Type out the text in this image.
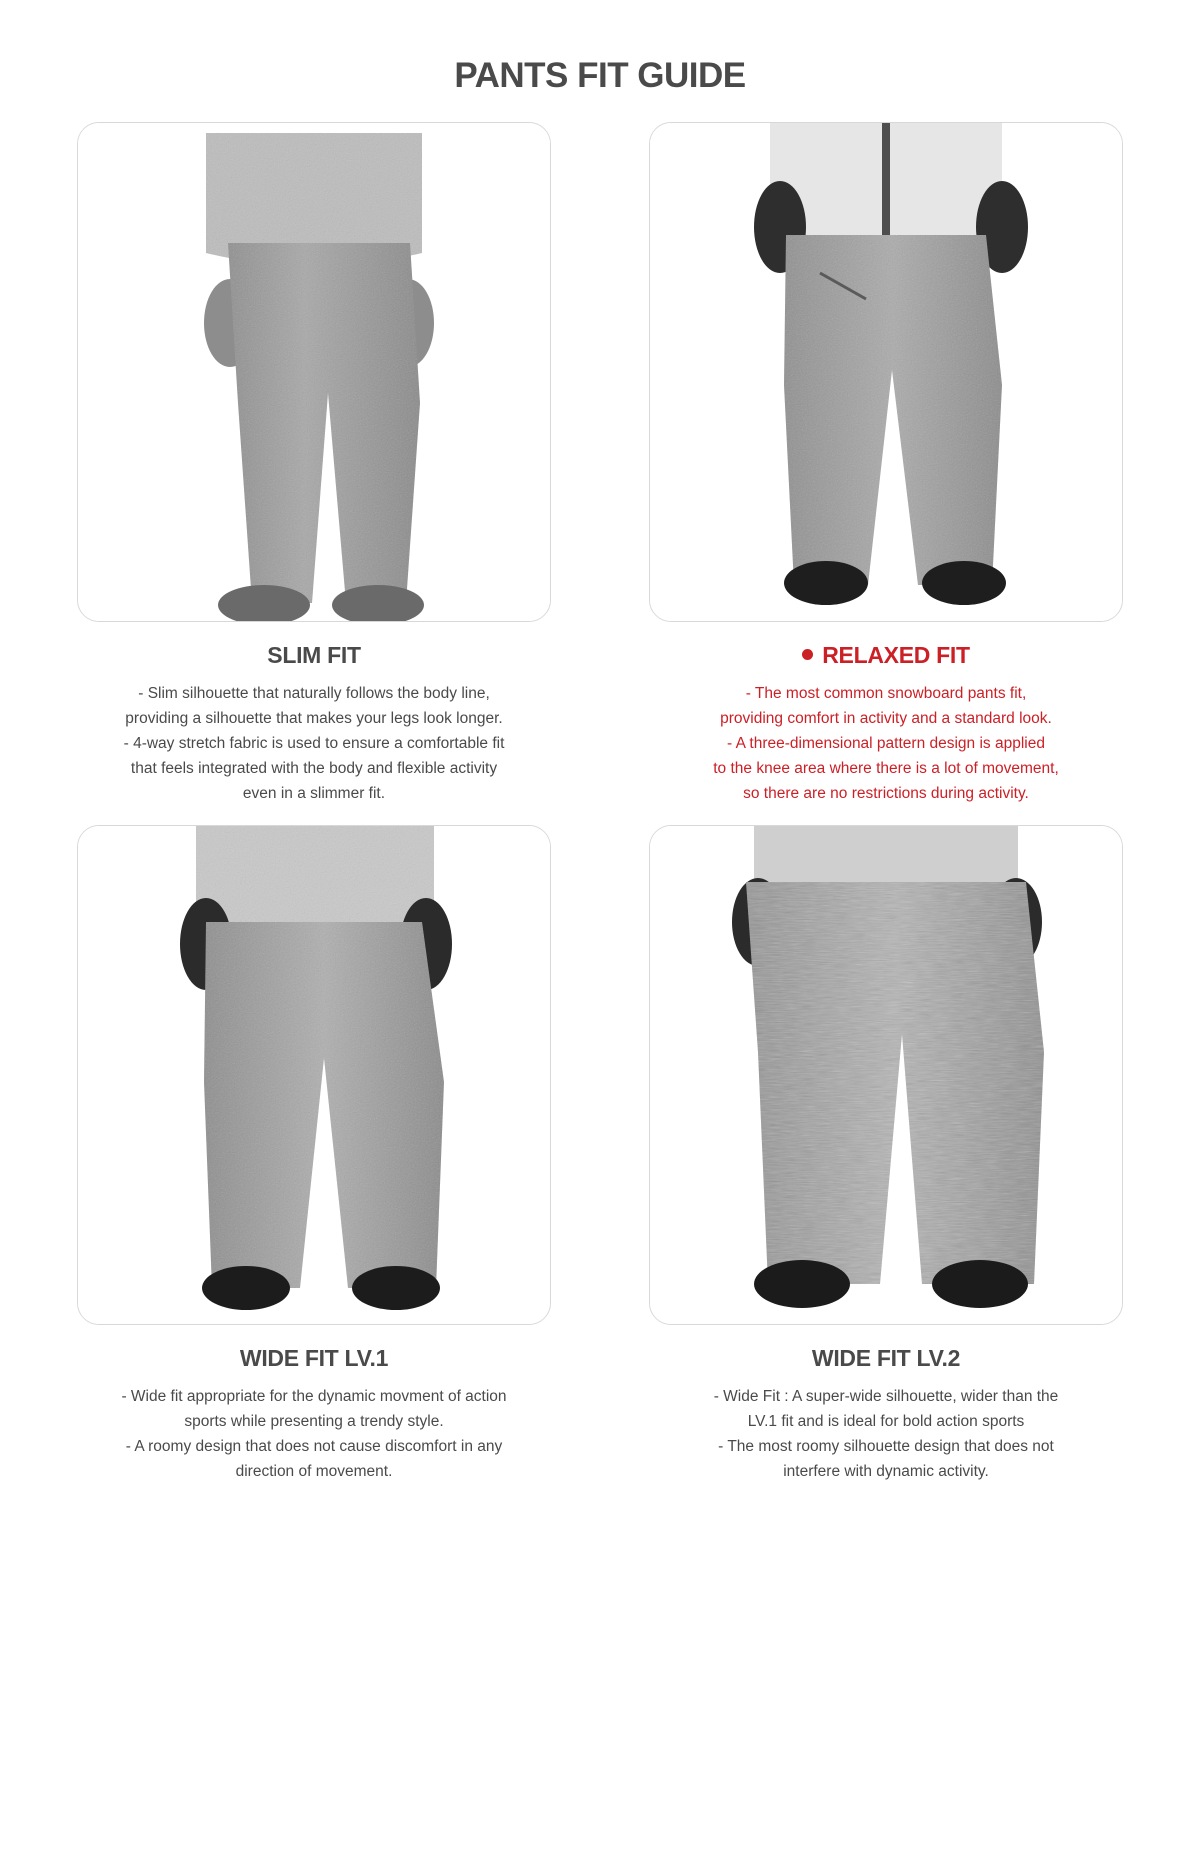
PANTS FIT GUIDE
SLIM FIT

- Slim silhouette that naturally follows the body line,

providing a silhouette that makes your legs look longer.

- 4-way stretch fabric is used to ensure a comfortable fit

that feels integrated with the body and flexible activity

even in a slimmer fit.

RELAXED FIT

- The most common snowboard pants fit,

providing comfort in activity and a standard look.

- A three-dimensional pattern design is applied

to the knee area where there is a lot of movement,

so there are no restrictions during activity.

WIDE FIT LV.1

- Wide fit appropriate for the dynamic movment of action

sports while presenting a trendy style.

- A roomy design that does not cause discomfort in any

direction of movement.

WIDE FIT LV.2

- Wide Fit : A super-wide silhouette, wider than the

LV.1 fit and is ideal for bold action sports

- The most roomy silhouette design that does not

interfere with dynamic activity.
